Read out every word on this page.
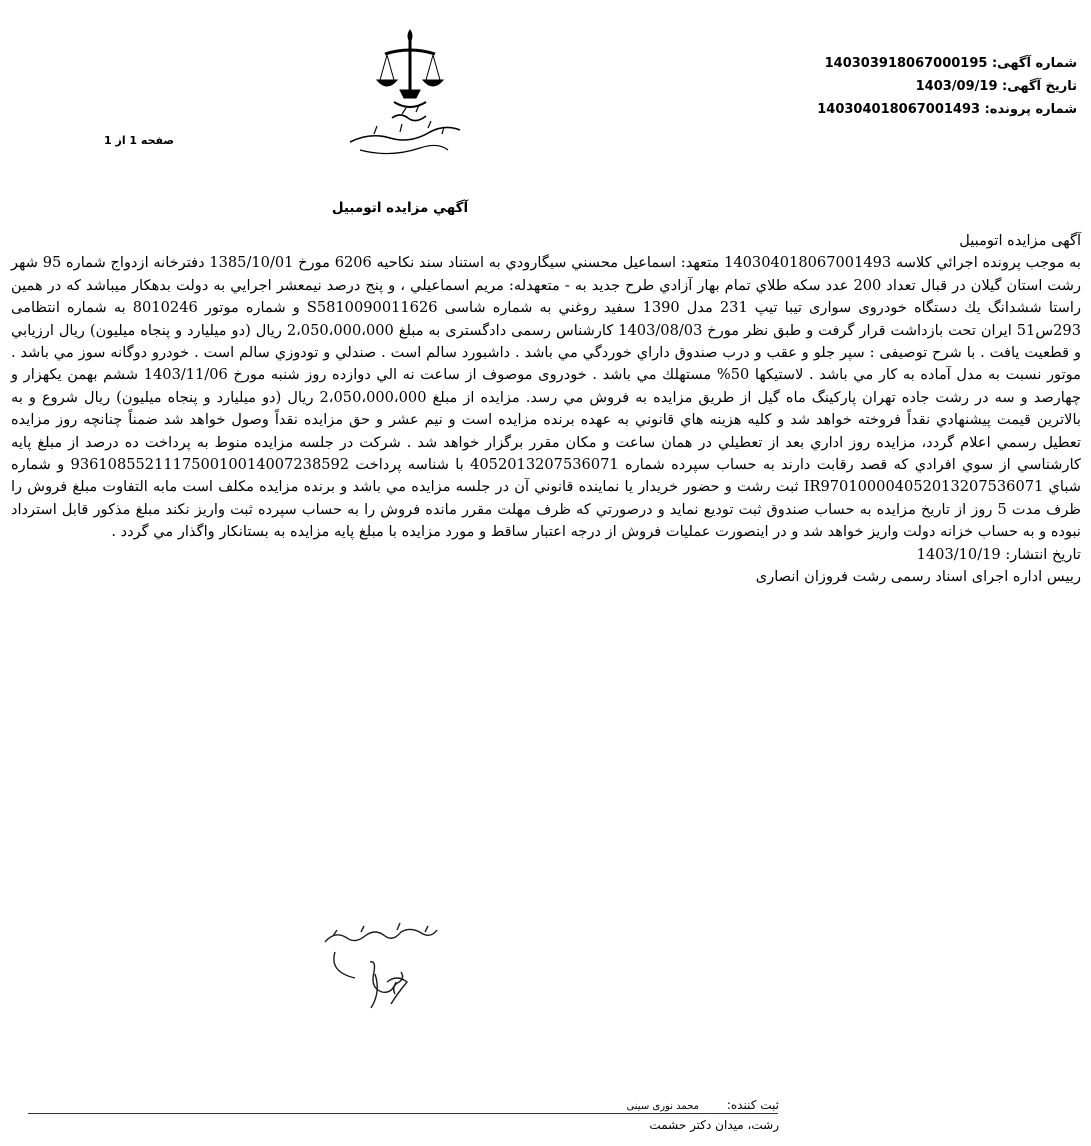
شماره آگهی: 140303918067000195
تاریخ آگهی: 1403/09/19
شماره پرونده: 140304018067001493
صفحه 1 از 1
آگهي مزايده اتومبيل

آگهی مزایده اتومبیل

به موجب پرونده اجرائي كلاسه 140304018067001493 متعهد: اسماعيل محسني سيگارودي به استناد سند نكاحيه 6206 مورخ 1385/10/01 دفترخانه ازدواج شماره 95 شهر رشت استان گيلان در قبال تعداد 200 عدد سكه طلاي تمام بهار آزادي طرح جديد به - متعهدله: مريم اسماعيلي ، و پنج درصد نيمعشر اجرايي به دولت بدهكار ميباشد كه در همين راستا ششدانگ يك دستگاه خودروی سواری تيبا تيپ 231 مدل 1390 سفيد روغني به شماره شاسی S5810090011626 و شماره موتور 8010246 به شماره انتظامی 293س51 ايران تحت بازداشت قرار گرفت و طبق نظر مورخ 1403/08/03 كارشناس رسمی دادگستری به مبلغ 2،050،000،000 ريال (دو ميليارد و پنجاه ميليون) ريال ارزيابي و قطعيت يافت . با شرح توصيفی : سپر جلو و عقب و درب صندوق داراي خوردگي مي باشد . داشبورد سالم است . صندلي و تودوزي سالم است . خودرو دوگانه سوز مي باشد . موتور نسبت به مدل آماده به كار مي باشد . لاستيكها 50% مستهلك مي باشد . خودروی موصوف از ساعت نه الي دوازده روز شنبه مورخ 1403/11/06 ششم بهمن يكهزار و چهارصد و سه در رشت جاده تهران پاركينگ ماه گيل از طريق مزايده به فروش مي رسد. مزايده از مبلغ 2،050،000،000 ريال (دو ميليارد و پنجاه ميليون) ريال شروع و به بالاترين قيمت پيشنهادي نقداً فروخته خواهد شد و كليه هزينه هاي قانوني به عهده برنده مزايده است و نيم عشر و حق مزايده نقداً وصول خواهد شد ضمناً چنانچه روز مزايده تعطيل رسمي اعلام گردد، مزايده روز اداري بعد از تعطيلي در همان ساعت و مكان مقرر برگزار خواهد شد . شركت در جلسه مزايده منوط به پرداخت ده درصد از مبلغ پايه كارشناسي از سوي افرادي كه قصد رقابت دارند به حساب سپرده شماره 4052013207536071 با شناسه پرداخت 936108552111750010014007238592 و شماره شباي IR970100004052013207536071 ثبت رشت و حضور خريدار يا نماينده قانوني آن در جلسه مزايده مي باشد و برنده مزايده مكلف است مابه التفاوت مبلغ فروش را ظرف مدت 5 روز از تاريخ مزايده به حساب صندوق ثبت توديع نمايد و درصورتي كه ظرف مهلت مقرر مانده فروش را به حساب سپرده ثبت واريز نكند مبلغ مذكور قابل استرداد نبوده و به حساب خزانه دولت واريز خواهد شد و در اينصورت عمليات فروش از درجه اعتبار ساقط و مورد مزايده با مبلغ پايه مزايده به بستانكار واگذار مي گردد .

تاریخ انتشار: 1403/10/19

رییس اداره اجرای اسناد رسمی رشت فروزان انصاری

ثبت کننده: محمد نوری سینی
رشت، میدان دکتر حشمت
